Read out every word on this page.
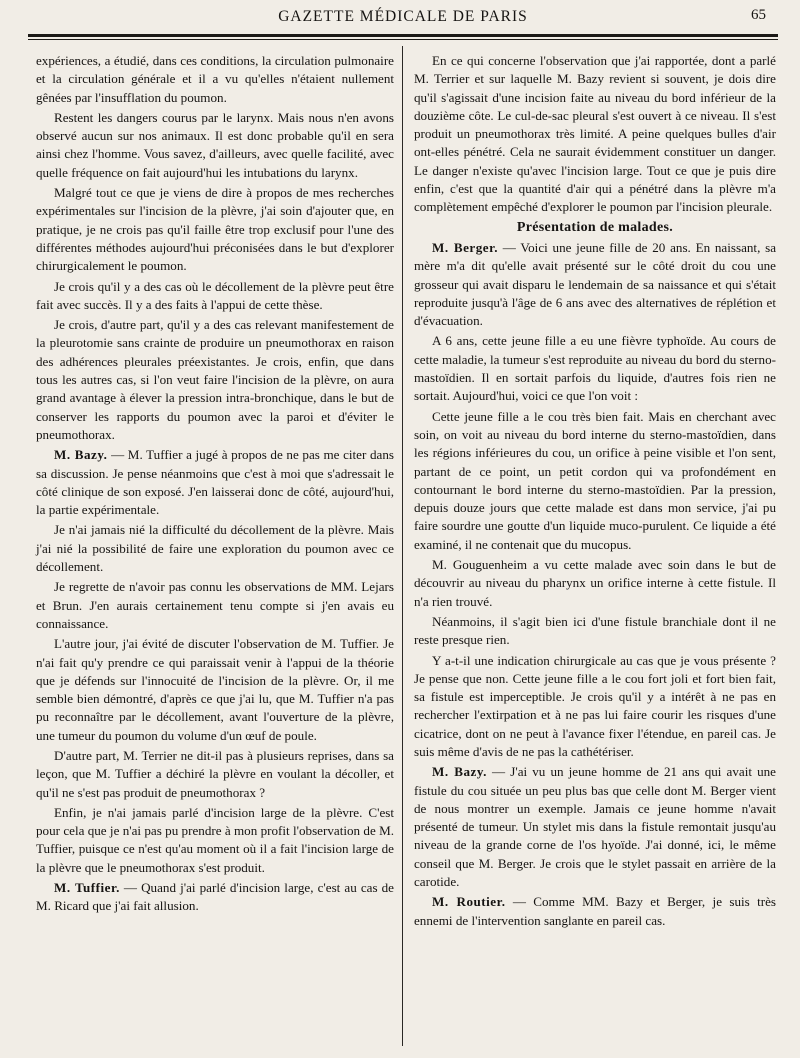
GAZETTE MÉDICALE DE PARIS	65

expériences, a étudié, dans ces conditions, la circulation pulmonaire et la circulation générale et il a vu qu'elles n'étaient nullement gênées par l'insufflation du poumon.

Restent les dangers courus par le larynx. Mais nous n'en avons observé aucun sur nos animaux. Il est donc probable qu'il en sera ainsi chez l'homme. Vous savez, d'ailleurs, avec quelle facilité, avec quelle fréquence on fait aujourd'hui les intubations du larynx.

Malgré tout ce que je viens de dire à propos de mes recherches expérimentales sur l'incision de la plèvre, j'ai soin d'ajouter que, en pratique, je ne crois pas qu'il faille être trop exclusif pour l'une des différentes méthodes aujourd'hui préconisées dans le but d'explorer chirurgicalement le poumon.

Je crois qu'il y a des cas où le décollement de la plèvre peut être fait avec succès. Il y a des faits à l'appui de cette thèse.

Je crois, d'autre part, qu'il y a des cas relevant manifestement de la pleurotomie sans crainte de produire un pneumothorax en raison des adhérences pleurales préexistantes. Je crois, enfin, que dans tous les autres cas, si l'on veut faire l'incision de la plèvre, on aura grand avantage à élever la pression intra-bronchique, dans le but de conserver les rapports du poumon avec la paroi et d'éviter le pneumothorax.

M. Bazy. — M. Tuffier a jugé à propos de ne pas me citer dans sa discussion. Je pense néanmoins que c'est à moi que s'adressait le côté clinique de son exposé. J'en laisserai donc de côté, aujourd'hui, la partie expérimentale.

Je n'ai jamais nié la difficulté du décollement de la plèvre. Mais j'ai nié la possibilité de faire une exploration du poumon avec ce décollement.

Je regrette de n'avoir pas connu les observations de MM. Lejars et Brun. J'en aurais certainement tenu compte si j'en avais eu connaissance.

L'autre jour, j'ai évité de discuter l'observation de M. Tuffier. Je n'ai fait qu'y prendre ce qui paraissait venir à l'appui de la théorie que je défends sur l'innocuité de l'incision de la plèvre. Or, il me semble bien démontré, d'après ce que j'ai lu, que M. Tuffier n'a pas pu reconnaître par le décollement, avant l'ouverture de la plèvre, une tumeur du poumon du volume d'un œuf de poule.

D'autre part, M. Terrier ne dit-il pas à plusieurs reprises, dans sa leçon, que M. Tuffier a déchiré la plèvre en voulant la décoller, et qu'il ne s'est pas produit de pneumothorax ?

Enfin, je n'ai jamais parlé d'incision large de la plèvre. C'est pour cela que je n'ai pas pu prendre à mon profit l'observation de M. Tuffier, puisque ce n'est qu'au moment où il a fait l'incision large de la plèvre que le pneumothorax s'est produit.

M. Tuffier. — Quand j'ai parlé d'incision large, c'est au cas de M. Ricard que j'ai fait allusion.

En ce qui concerne l'observation que j'ai rapportée, dont a parlé M. Terrier et sur laquelle M. Bazy revient si souvent, je dois dire qu'il s'agissait d'une incision faite au niveau du bord inférieur de la douzième côte. Le cul-de-sac pleural s'est ouvert à ce niveau. Il s'est produit un pneumothorax très limité. A peine quelques bulles d'air ont-elles pénétré. Cela ne saurait évidemment constituer un danger. Le danger n'existe qu'avec l'incision large. Tout ce que je puis dire enfin, c'est que la quantité d'air qui a pénétré dans la plèvre m'a complètement empêché d'explorer le poumon par l'incision pleurale.

Présentation de malades.

M. Berger. — Voici une jeune fille de 20 ans. En naissant, sa mère m'a dit qu'elle avait présenté sur le côté droit du cou une grosseur qui avait disparu le lendemain de sa naissance et qui s'était reproduite jusqu'à l'âge de 6 ans avec des alternatives de réplétion et d'évacuation.

A 6 ans, cette jeune fille a eu une fièvre typhoïde. Au cours de cette maladie, la tumeur s'est reproduite au niveau du bord du sterno-mastoïdien. Il en sortait parfois du liquide, d'autres fois rien ne sortait. Aujourd'hui, voici ce que l'on voit :

Cette jeune fille a le cou très bien fait. Mais en cherchant avec soin, on voit au niveau du bord interne du sterno-mastoïdien, dans les régions inférieures du cou, un orifice à peine visible et l'on sent, partant de ce point, un petit cordon qui va profondément en contournant le bord interne du sterno-mastoïdien. Par la pression, depuis douze jours que cette malade est dans mon service, j'ai pu faire sourdre une goutte d'un liquide muco-purulent. Ce liquide a été examiné, il ne contenait que du mucopus.

M. Gouguenheim a vu cette malade avec soin dans le but de découvrir au niveau du pharynx un orifice interne à cette fistule. Il n'a rien trouvé.

Néanmoins, il s'agit bien ici d'une fistule branchiale dont il ne reste presque rien.

Y a-t-il une indication chirurgicale au cas que je vous présente ? Je pense que non. Cette jeune fille a le cou fort joli et fort bien fait, sa fistule est imperceptible. Je crois qu'il y a intérêt à ne pas en rechercher l'extirpation et à ne pas lui faire courir les risques d'une cicatrice, dont on ne peut à l'avance fixer l'étendue, en pareil cas. Je suis même d'avis de ne pas la cathétériser.

M. Bazy. — J'ai vu un jeune homme de 21 ans qui avait une fistule du cou située un peu plus bas que celle dont M. Berger vient de nous montrer un exemple. Jamais ce jeune homme n'avait présenté de tumeur. Un stylet mis dans la fistule remontait jusqu'au niveau de la grande corne de l'os hyoïde. J'ai donné, ici, le même conseil que M. Berger. Je crois que le stylet passait en arrière de la carotide.

M. Routier. — Comme MM. Bazy et Berger, je suis très ennemi de l'intervention sanglante en pareil cas.
